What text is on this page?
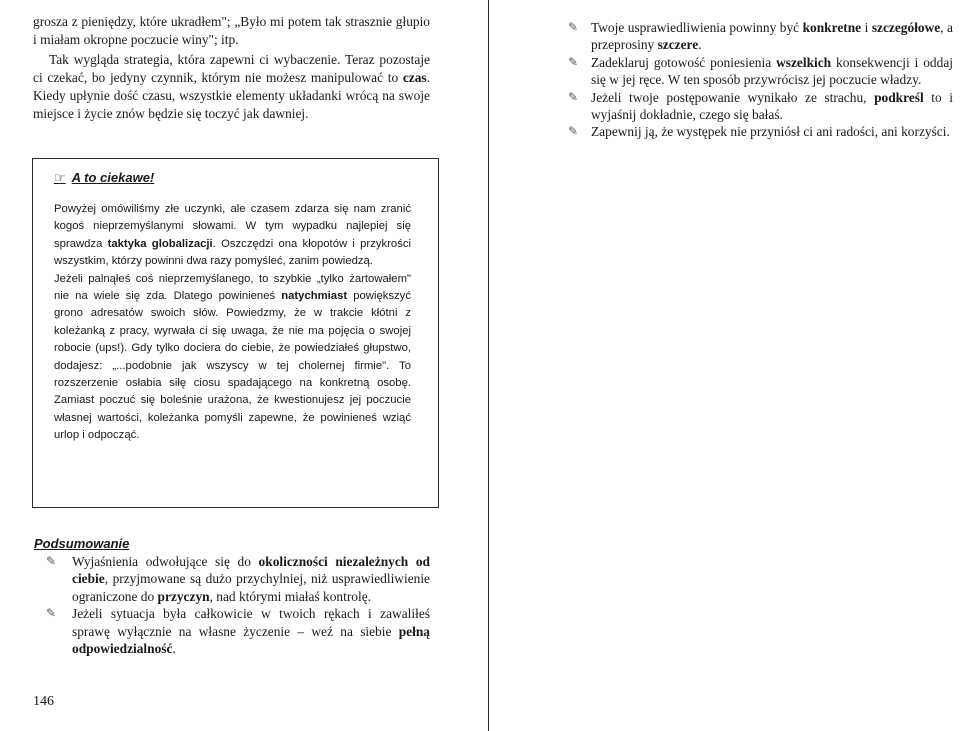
grosza z pieniędzy, które ukradłem"; „Było mi potem tak strasznie głupio i miałam okropne poczucie winy"; itp.

Tak wygląda strategia, która zapewni ci wybaczenie. Teraz pozostaje ci czekać, bo jedyny czynnik, którym nie możesz manipulować to czas. Kiedy upłynie dość czasu, wszystkie elementy układanki wrócą na swoje miejsce i życie znów będzie się toczyć jak dawniej.

☞ A to ciekawe!

Powyżej omówiliśmy złe uczynki, ale czasem zdarza się nam zranić kogoś nieprzemyślanymi słowami. W tym wypadku najlepiej się sprawdza taktyka globalizacji. Oszczędzi ona kłopotów i przykrości wszystkim, którzy powinni dwa razy pomyśleć, zanim powiedzą.
Jeżeli palnąłeś coś nieprzemyślanego, to szybkie „tylko żartowałem" nie na wiele się zda. Dlatego powinieneś natychmiast powiększyć grono adresatów swoich słów. Powiedzmy, że w trakcie kłótni z koleżanką z pracy, wyrwała ci się uwaga, że nie ma pojęcia o swojej robocie (ups!). Gdy tylko dociera do ciebie, że powiedziałeś głupstwo, dodajesz: „...podobnie jak wszyscy w tej cholernej firmie". To rozszerzenie osłabia siłę ciosu spadającego na konkretną osobę. Zamiast poczuć się boleśnie urażona, że kwestionujesz jej poczucie własnej wartości, koleżanka pomyśli zapewne, że powinieneś wziąć urlop i odpocząć.

Podsumowanie
✎ Wyjaśnienia odwołujące się do okoliczności niezależnych od ciebie, przyjmowane są dużo przychylniej, niż usprawiedliwienie ograniczone do przyczyn, nad którymi miałaś kontrolę.
✎ Jeżeli sytuacja była całkowicie w twoich rękach i zawaliłeś sprawę wyłącznie na własne życzenie – weź na siebie pełną odpowiedzialność.
146
✎ Twoje usprawiedliwienia powinny być konkretne i szczegółowe, a przeprosiny szczere.
✎ Zadeklaruj gotowość poniesienia wszelkich konsekwencji i oddaj się w jej ręce. W ten sposób przywrócisz jej poczucie władzy.
✎ Jeżeli twoje postępowanie wynikało ze strachu, podkreśl to i wyjaśnij dokładnie, czego się bałaś.
✎ Zapewnij ją, że występek nie przyniósł ci ani radości, ani korzyści.
